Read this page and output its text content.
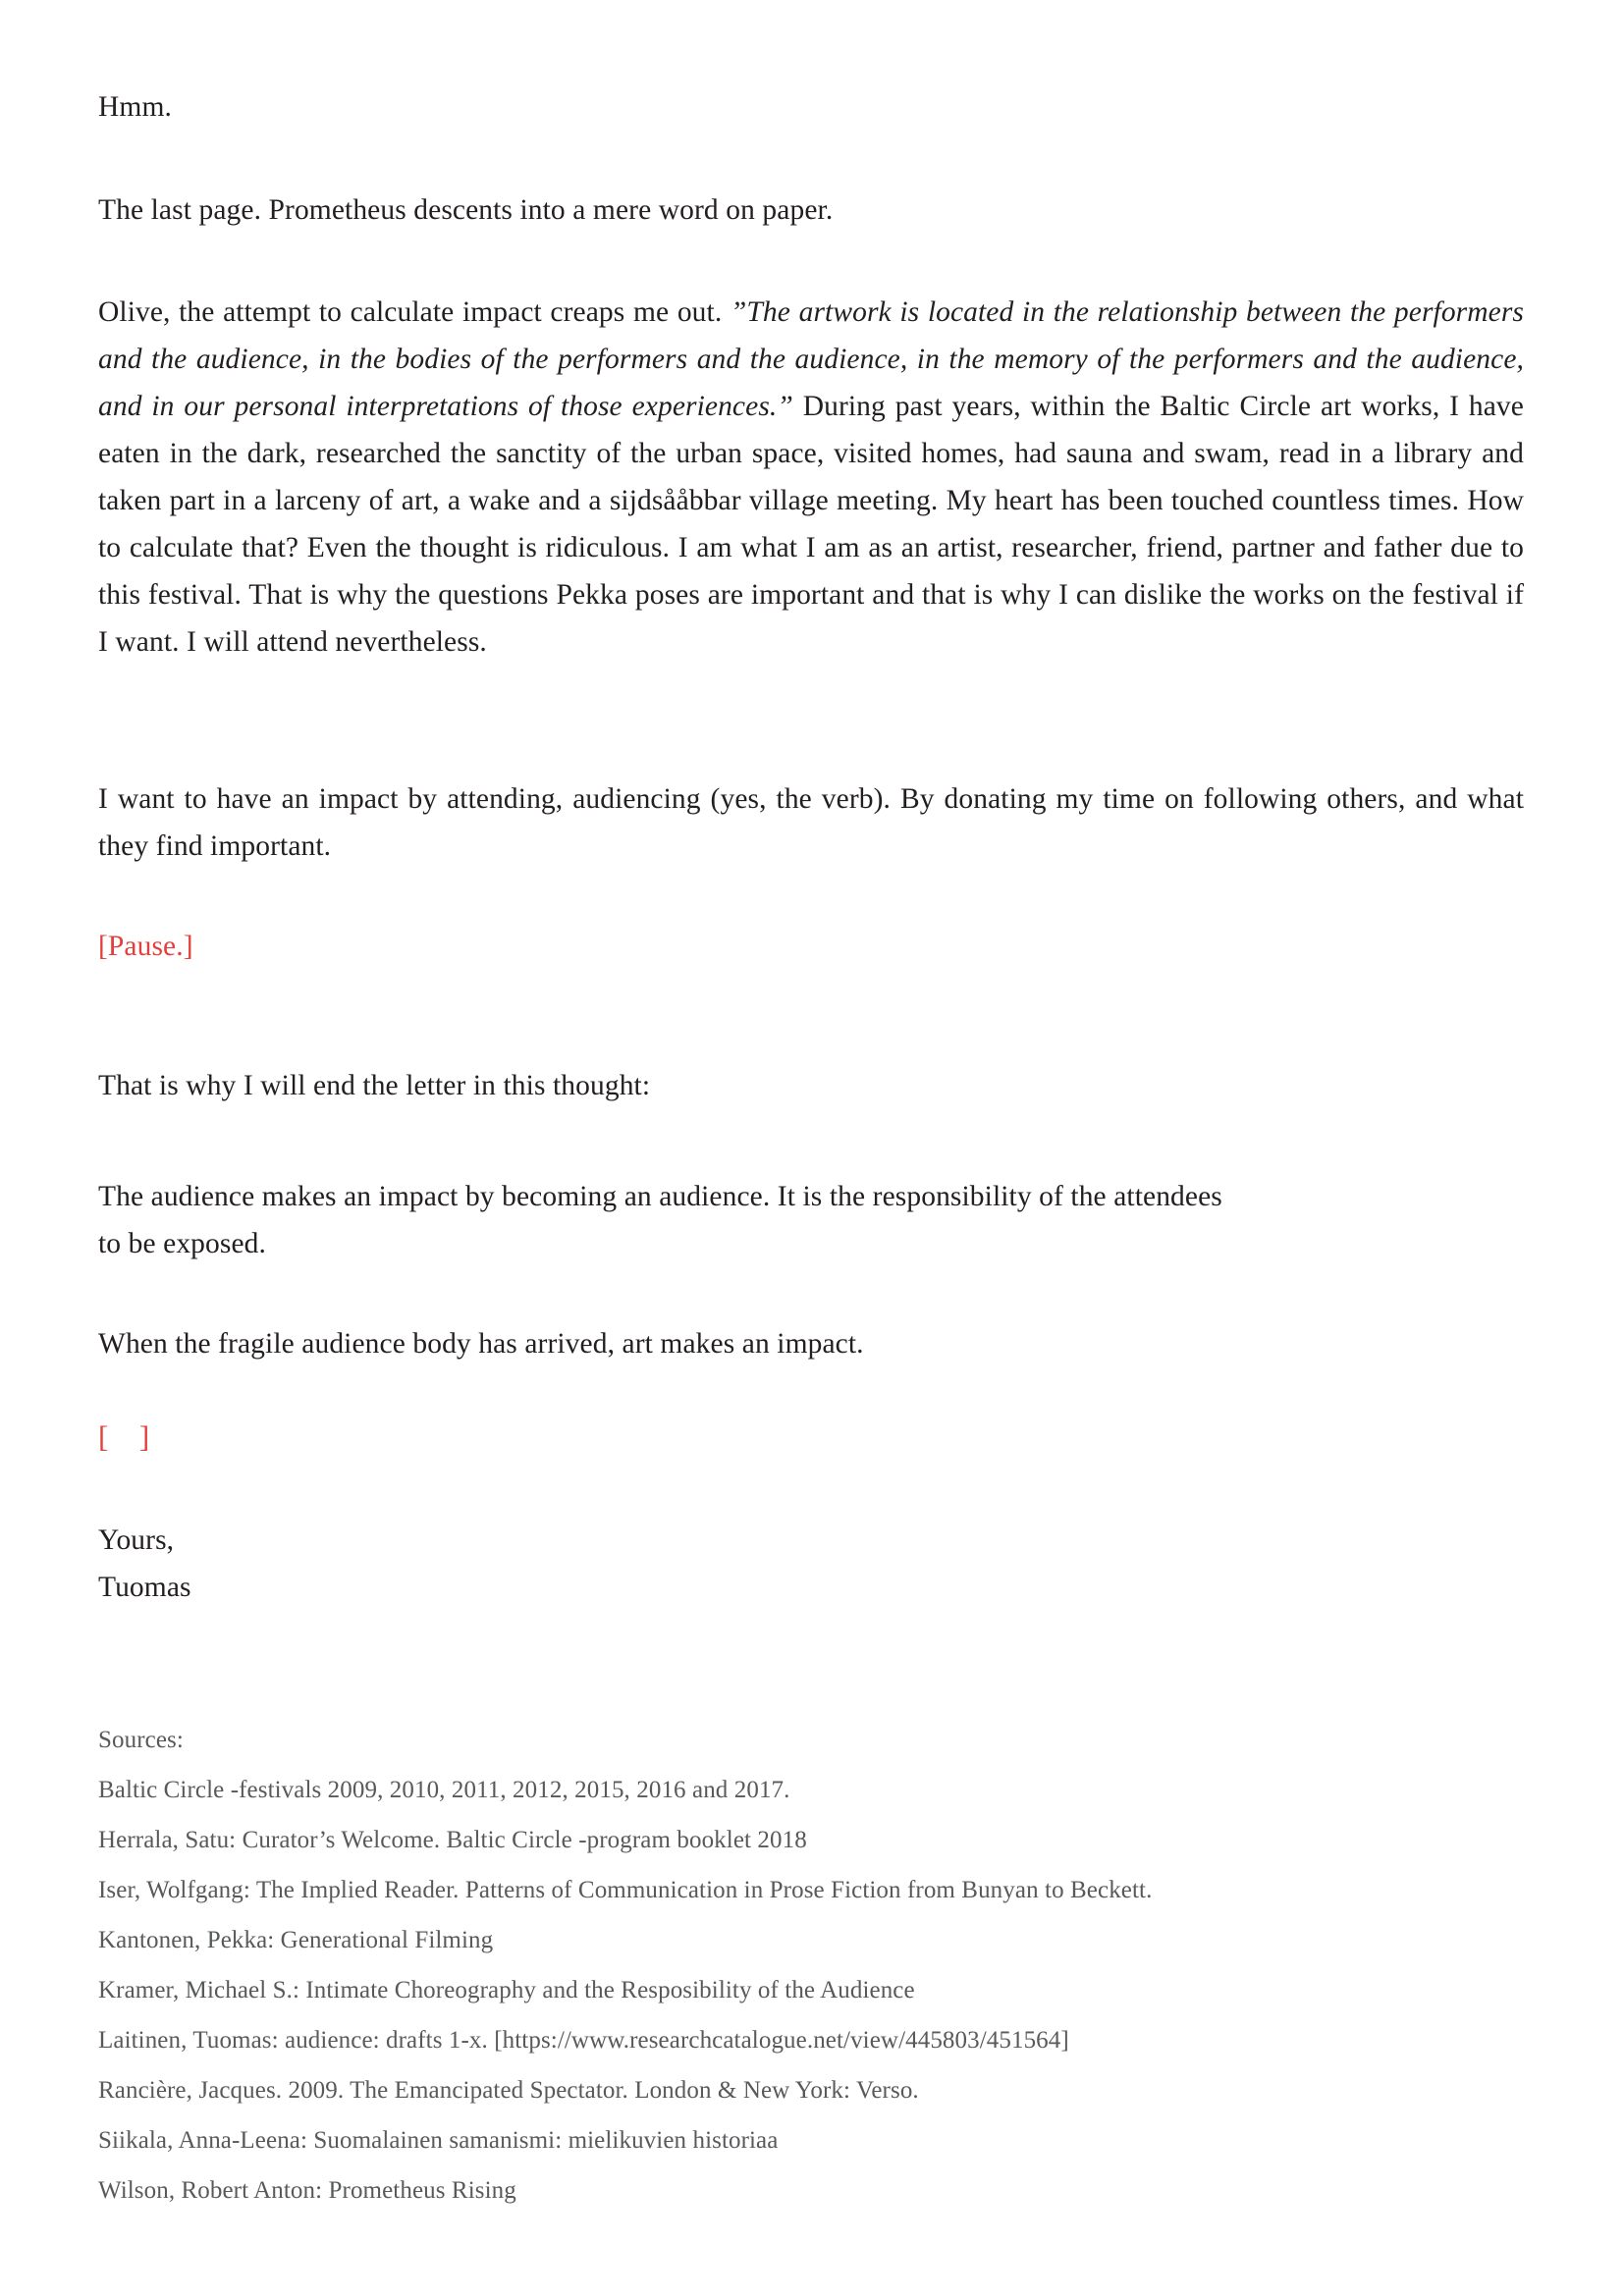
Hmm.
The last page. Prometheus descents into a mere word on paper.
Olive, the attempt to calculate impact creaps me out. ”The artwork is located in the relationship between the performers and the audience, in the bodies of the performers and the audience, in the memory of the performers and the audience, and in our personal interpretations of those experiences.” During past years, within the Baltic Circle art works, I have eaten in the dark, researched the sanctity of the urban space, visited homes, had sauna and swam, read in a library and taken part in a larceny of art, a wake and a sijdsååbbar village meeting. My heart has been touched countless times. How to calculate that? Even the thought is ridiculous. I am what I am as an artist, researcher, friend, partner and father due to this festival. That is why the questions Pekka poses are important and that is why I can dislike the works on the festival if I want. I will attend nevertheless.
I want to have an impact by attending, audiencing (yes, the verb). By donating my time on following others, and what they find important.
[Pause.]
That is why I will end the letter in this thought:
The audience makes an impact by becoming an audience. It is the responsibility of the attendees
to be exposed.
When the fragile audience body has arrived, art makes an impact.
[    ]
Yours,
Tuomas
Sources:
Baltic Circle -festivals 2009, 2010, 2011, 2012, 2015, 2016 and 2017.
Herrala, Satu: Curator’s Welcome. Baltic Circle -program booklet 2018
Iser, Wolfgang: The Implied Reader. Patterns of Communication in Prose Fiction from Bunyan to Beckett.
Kantonen, Pekka: Generational Filming
Kramer, Michael S.: Intimate Choreography and the Resposibility of the Audience
Laitinen, Tuomas: audience: drafts 1-x. [https://www.researchcatalogue.net/view/445803/451564]
Rancière, Jacques. 2009. The Emancipated Spectator. London & New York: Verso.
Siikala, Anna-Leena: Suomalainen samanismi: mielikuvien historiaa
Wilson, Robert Anton: Prometheus Rising
